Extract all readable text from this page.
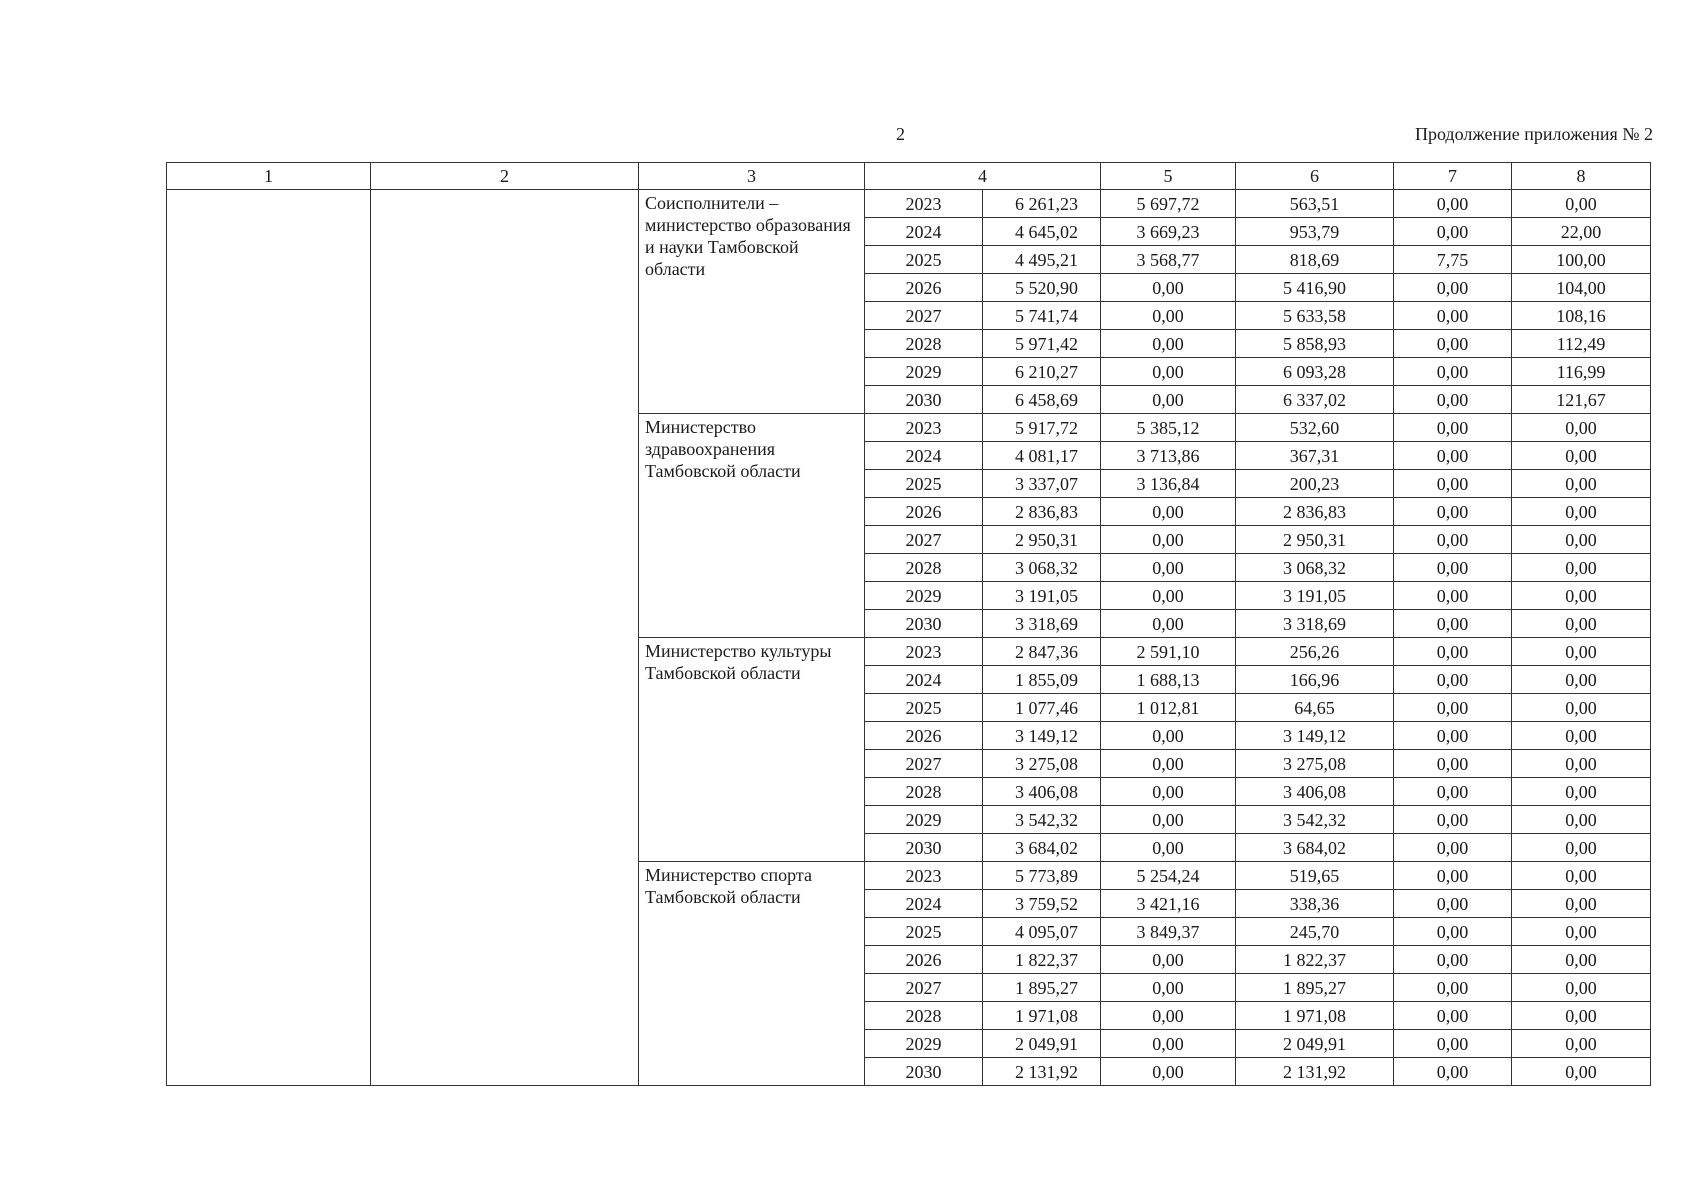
2	Продолжение приложения № 2
1	2	3	4		5	6	7	8
		Соисполнители – министерство образования и науки Тамбовской области	2023	6 261,23	5 697,72	563,51	0,00	0,00
			2024	4 645,02	3 669,23	953,79	0,00	22,00
			2025	4 495,21	3 568,77	818,69	7,75	100,00
			2026	5 520,90	0,00	5 416,90	0,00	104,00
			2027	5 741,74	0,00	5 633,58	0,00	108,16
			2028	5 971,42	0,00	5 858,93	0,00	112,49
			2029	6 210,27	0,00	6 093,28	0,00	116,99
			2030	6 458,69	0,00	6 337,02	0,00	121,67
		Министерство здравоохранения Тамбовской области	2023	5 917,72	5 385,12	532,60	0,00	0,00
			2024	4 081,17	3 713,86	367,31	0,00	0,00
			2025	3 337,07	3 136,84	200,23	0,00	0,00
			2026	2 836,83	0,00	2 836,83	0,00	0,00
			2027	2 950,31	0,00	2 950,31	0,00	0,00
			2028	3 068,32	0,00	3 068,32	0,00	0,00
			2029	3 191,05	0,00	3 191,05	0,00	0,00
			2030	3 318,69	0,00	3 318,69	0,00	0,00
		Министерство культуры Тамбовской области	2023	2 847,36	2 591,10	256,26	0,00	0,00
			2024	1 855,09	1 688,13	166,96	0,00	0,00
			2025	1 077,46	1 012,81	64,65	0,00	0,00
			2026	3 149,12	0,00	3 149,12	0,00	0,00
			2027	3 275,08	0,00	3 275,08	0,00	0,00
			2028	3 406,08	0,00	3 406,08	0,00	0,00
			2029	3 542,32	0,00	3 542,32	0,00	0,00
			2030	3 684,02	0,00	3 684,02	0,00	0,00
		Министерство спорта Тамбовской области	2023	5 773,89	5 254,24	519,65	0,00	0,00
			2024	3 759,52	3 421,16	338,36	0,00	0,00
			2025	4 095,07	3 849,37	245,70	0,00	0,00
			2026	1 822,37	0,00	1 822,37	0,00	0,00
			2027	1 895,27	0,00	1 895,27	0,00	0,00
			2028	1 971,08	0,00	1 971,08	0,00	0,00
			2029	2 049,91	0,00	2 049,91	0,00	0,00
			2030	2 131,92	0,00	2 131,92	0,00	0,00
